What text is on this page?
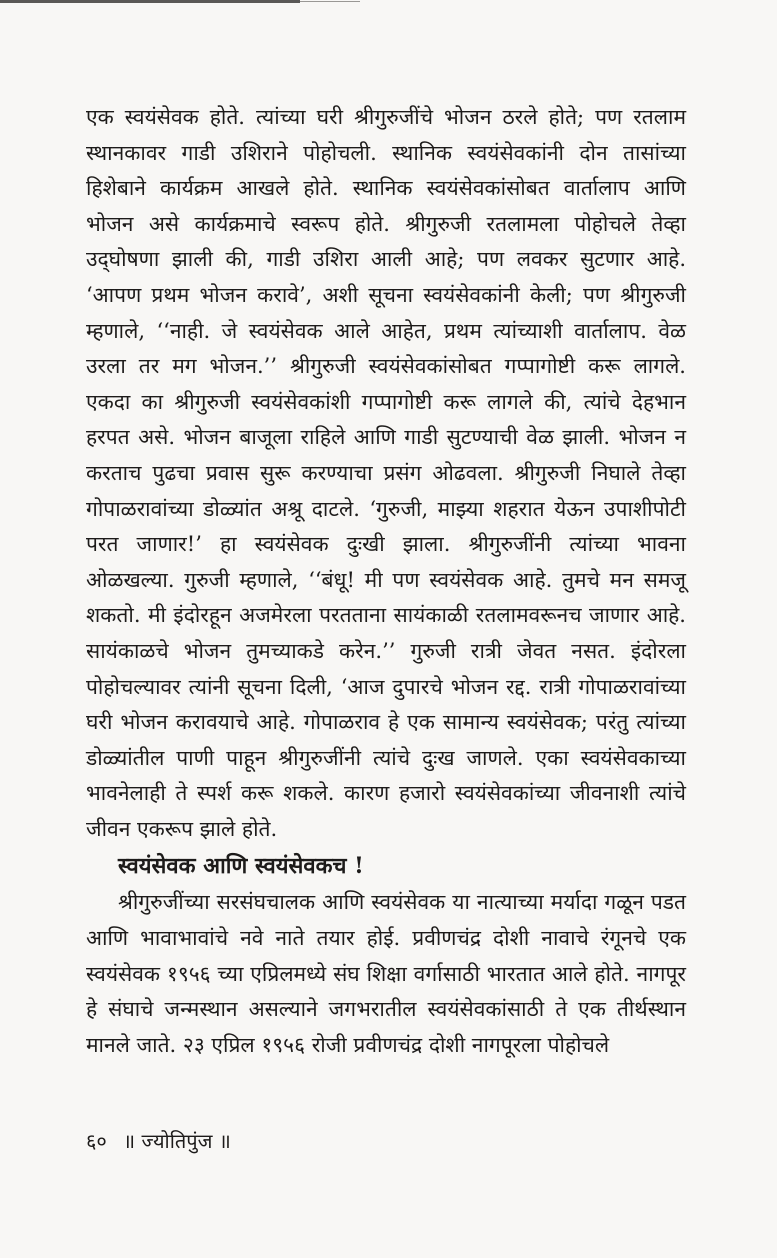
एक स्वयंसेवक होते. त्यांच्या घरी श्रीगुरुजींचे भोजन ठरले होते; पण रतलाम स्थानकावर गाडी उशिराने पोहोचली. स्थानिक स्वयंसेवकांनी दोन तासांच्या हिशेबाने कार्यक्रम आखले होते. स्थानिक स्वयंसेवकांसोबत वार्तालाप आणि भोजन असे कार्यक्रमाचे स्वरूप होते. श्रीगुरुजी रतलामला पोहोचले तेव्हा उद्‌घोषणा झाली की, गाडी उशिरा आली आहे; पण लवकर सुटणार आहे. ‘आपण प्रथम भोजन करावे’, अशी सूचना स्वयंसेवकांनी केली; पण श्रीगुरुजी म्हणाले, ‘‘नाही. जे स्वयंसेवक आले आहेत, प्रथम त्यांच्याशी वार्तालाप. वेळ उरला तर मग भोजन.’’ श्रीगुरुजी स्वयंसेवकांसोबत गप्पागोष्टी करू लागले. एकदा का श्रीगुरुजी स्वयंसेवकांशी गप्पागोष्टी करू लागले की, त्यांचे देहभान हरपत असे. भोजन बाजूला राहिले आणि गाडी सुटण्याची वेळ झाली. भोजन न करताच पुढचा प्रवास सुरू करण्याचा प्रसंग ओढवला. श्रीगुरुजी निघाले तेव्हा गोपाळरावांच्या डोळ्यांत अश्रू दाटले. ‘गुरुजी, माझ्या शहरात येऊन उपाशीपोटी परत जाणार!’ हा स्वयंसेवक दुःखी झाला. श्रीगुरुजींनी त्यांच्या भावना ओळखल्या. गुरुजी म्हणाले, ‘‘बंधू! मी पण स्वयंसेवक आहे. तुमचे मन समजू शकतो. मी इंदोरहून अजमेरला परतताना सायंकाळी रतलामवरूनच जाणार आहे. सायंकाळचे भोजन तुमच्याकडे करेन.’’ गुरुजी रात्री जेवत नसत. इंदोरला पोहोचल्यावर त्यांनी सूचना दिली, ‘आज दुपारचे भोजन रद्द. रात्री गोपाळरावांच्या घरी भोजन करावयाचे आहे. गोपाळराव हे एक सामान्य स्वयंसेवक; परंतु त्यांच्या डोळ्यांतील पाणी पाहून श्रीगुरुजींनी त्यांचे दुःख जाणले. एका स्वयंसेवकाच्या भावनेलाही ते स्पर्श करू शकले. कारण हजारो स्वयंसेवकांच्या जीवनाशी त्यांचे जीवन एकरूप झाले होते.

स्वयंसेवक आणि स्वयंसेवकच !

श्रीगुरुजींच्या सरसंघचालक आणि स्वयंसेवक या नात्याच्या मर्यादा गळून पडत आणि भावाभावांचे नवे नाते तयार होई. प्रवीणचंद्र दोशी नावाचे रंगूनचे एक स्वयंसेवक १९५६ च्या एप्रिलमध्ये संघ शिक्षा वर्गासाठी भारतात आले होते. नागपूर हे संघाचे जन्मस्थान असल्याने जगभरातील स्वयंसेवकांसाठी ते एक तीर्थस्थान मानले जाते. २३ एप्रिल १९५६ रोजी प्रवीणचंद्र दोशी नागपूरला पोहोचले

६० ॥ ज्योतिपुंज ॥
